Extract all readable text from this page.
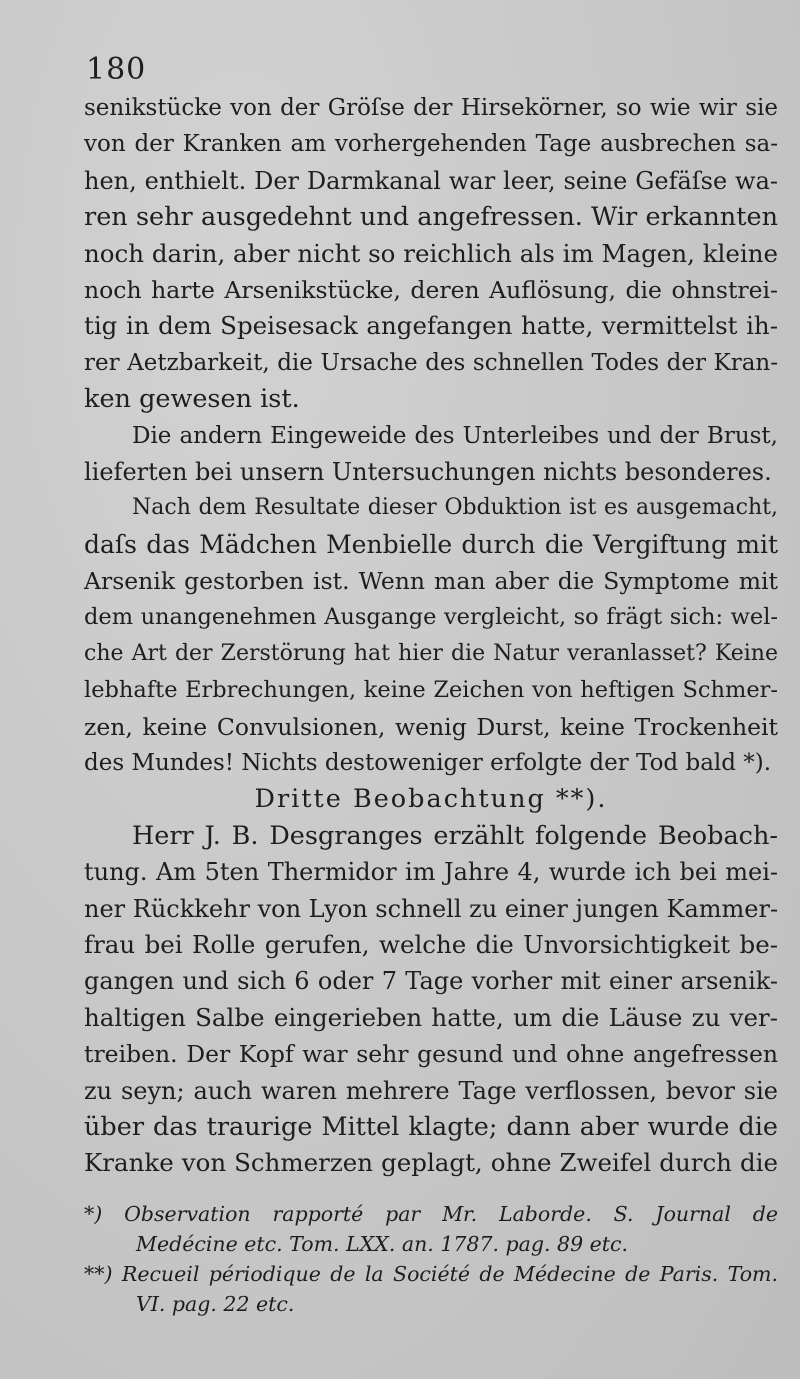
180
senikstücke von der Gröſse der Hirsekörner, so wie wir sie
von der Kranken am vorhergehenden Tage ausbrechen sa-
hen, enthielt. Der Darmkanal war leer, seine Gefäſse wa-
ren sehr ausgedehnt und angefressen. Wir erkannten
noch darin, aber nicht so reichlich als im Magen, kleine
noch harte Arsenikstücke, deren Auflösung, die ohnstrei-
tig in dem Speisesack angefangen hatte, vermittelst ih-
rer Aetzbarkeit, die Ursache des schnellen Todes der Kran-
ken gewesen ist.
Die andern Eingeweide des Unterleibes und der Brust,
lieferten bei unsern Untersuchungen nichts besonderes.
Nach dem Resultate dieser Obduktion ist es ausgemacht,
daſs das Mädchen Menbielle durch die Vergiftung mit
Arsenik gestorben ist. Wenn man aber die Symptome mit
dem unangenehmen Ausgange vergleicht, so frägt sich: wel-
che Art der Zerstörung hat hier die Natur veranlasset? Keine
lebhafte Erbrechungen, keine Zeichen von heftigen Schmer-
zen, keine Convulsionen, wenig Durst, keine Trockenheit
des Mundes! Nichts destoweniger erfolgte der Tod bald *).
Dritte Beobachtung **).
Herr J. B. Desgranges erzählt folgende Beobach-
tung. Am 5ten Thermidor im Jahre 4, wurde ich bei mei-
ner Rückkehr von Lyon schnell zu einer jungen Kammer-
frau bei Rolle gerufen, welche die Unvorsichtigkeit be-
gangen und sich 6 oder 7 Tage vorher mit einer arsenik-
haltigen Salbe eingerieben hatte, um die Läuse zu ver-
treiben. Der Kopf war sehr gesund und ohne angefressen
zu seyn; auch waren mehrere Tage verflossen, bevor sie
über das traurige Mittel klagte; dann aber wurde die
Kranke von Schmerzen geplagt, ohne Zweifel durch die
*) Observation rapporté par Mr. Laborde. S. Journal de
Medécine etc. Tom. LXX. an. 1787. pag. 89 etc.
**) Recueil périodique de la Société de Médecine de Paris. Tom.
VI. pag. 22 etc.
